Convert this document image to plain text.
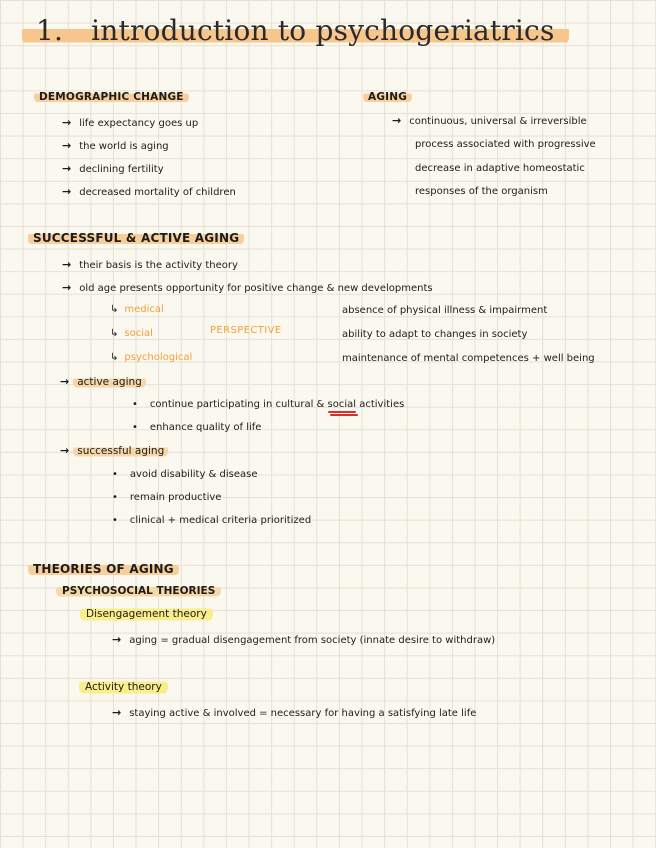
1. introduction to psychogeriatrics
DEMOGRAPHIC CHANGE
→ life expectancy goes up
→ the world is aging
→ declining fertility
→ decreased mortality of children
AGING
→ continuous, universal & irreversible
process associated with progressive
decrease in adaptive homeostatic
responses of the organism
SUCCESSFUL & ACTIVE AGING
→ their basis is the activity theory
→ old age presents opportunity for positive change & new developments
↳ medical
↳ social
↳ psychological
PERSPECTIVE
absence of physical illness & impairment
ability to adapt to changes in society
maintenance of mental competences + well being
→ active aging
• continue participating in cultural & social activities
• enhance quality of life
→ successful aging
• avoid disability & disease
• remain productive
• clinical + medical criteria prioritized
THEORIES OF AGING
PSYCHOSOCIAL THEORIES
Disengagement theory
→ aging = gradual disengagement from society (innate desire to withdraw)
Activity theory
→ staying active & involved = necessary for having a satisfying late life
